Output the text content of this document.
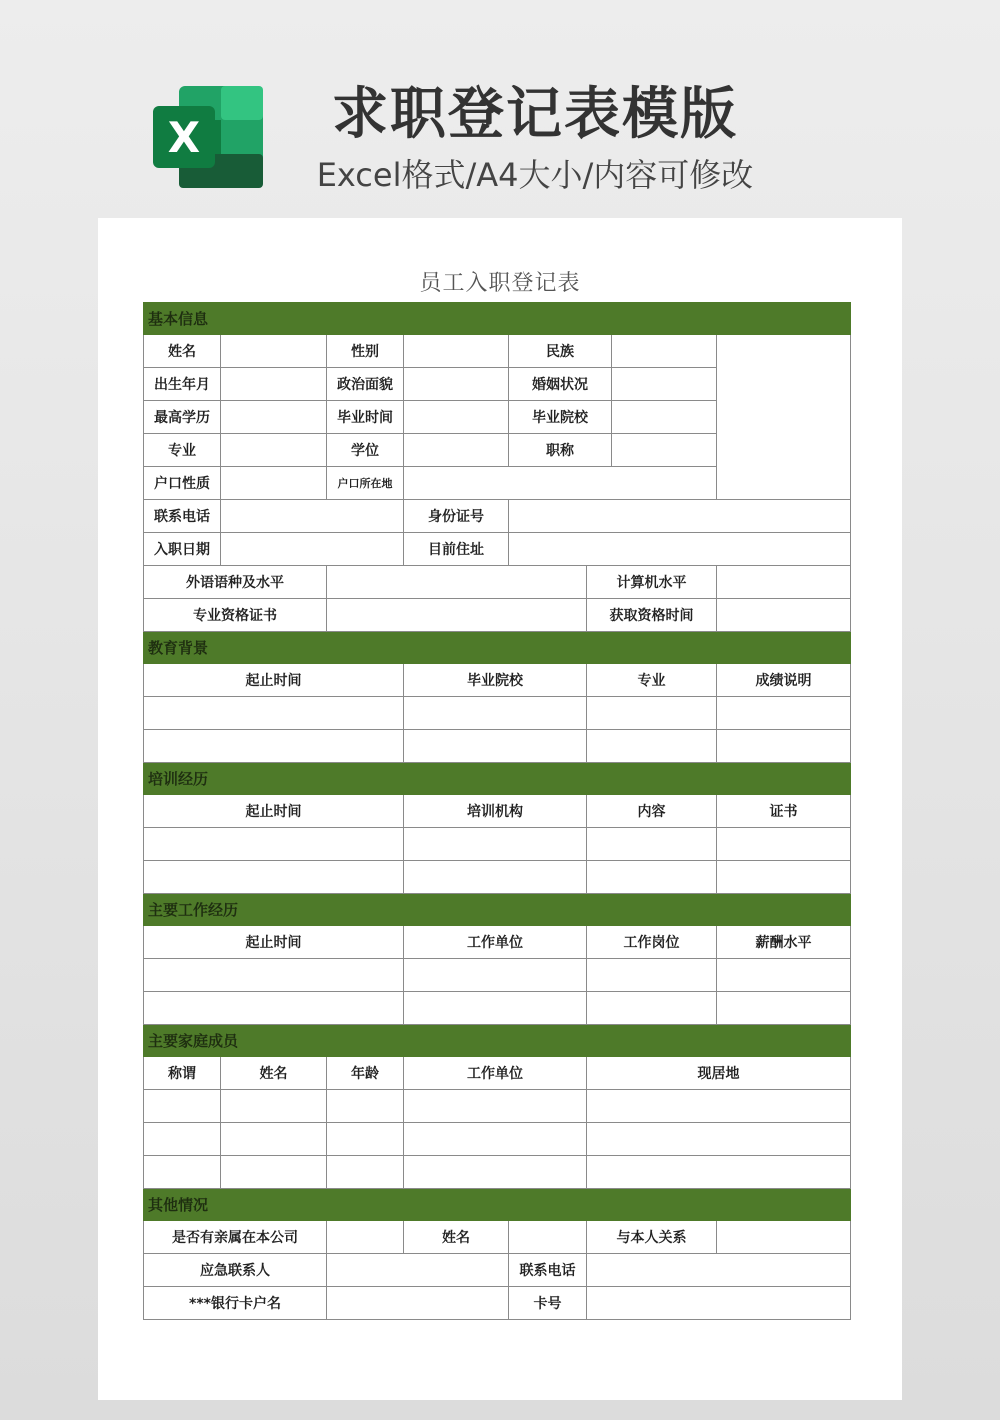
X	求职登记表模版
Excel格式/A4大小/内容可修改
员工入职登记表
基本信息							
姓名		性别		民族			
出生年月		政治面貌		婚姻状况			
最高学历		毕业时间		毕业院校			
专业		学位		职称			
户口性质		户口所在地					
联系电话			身份证号				
入职日期			目前住址				
外语语种及水平					计算机水平		
专业资格证书					获取资格时间		
教育背景							
起止时间			毕业院校		专业		成绩说明

培训经历							
起止时间			培训机构		内容		证书

主要工作经历							
起止时间			工作单位		工作岗位		薪酬水平

主要家庭成员							
称谓	姓名	年龄	工作单位		现居地		

其他情况							
是否有亲属在本公司			姓名		与本人关系		
应急联系人				联系电话			
***银行卡户名				卡号			
